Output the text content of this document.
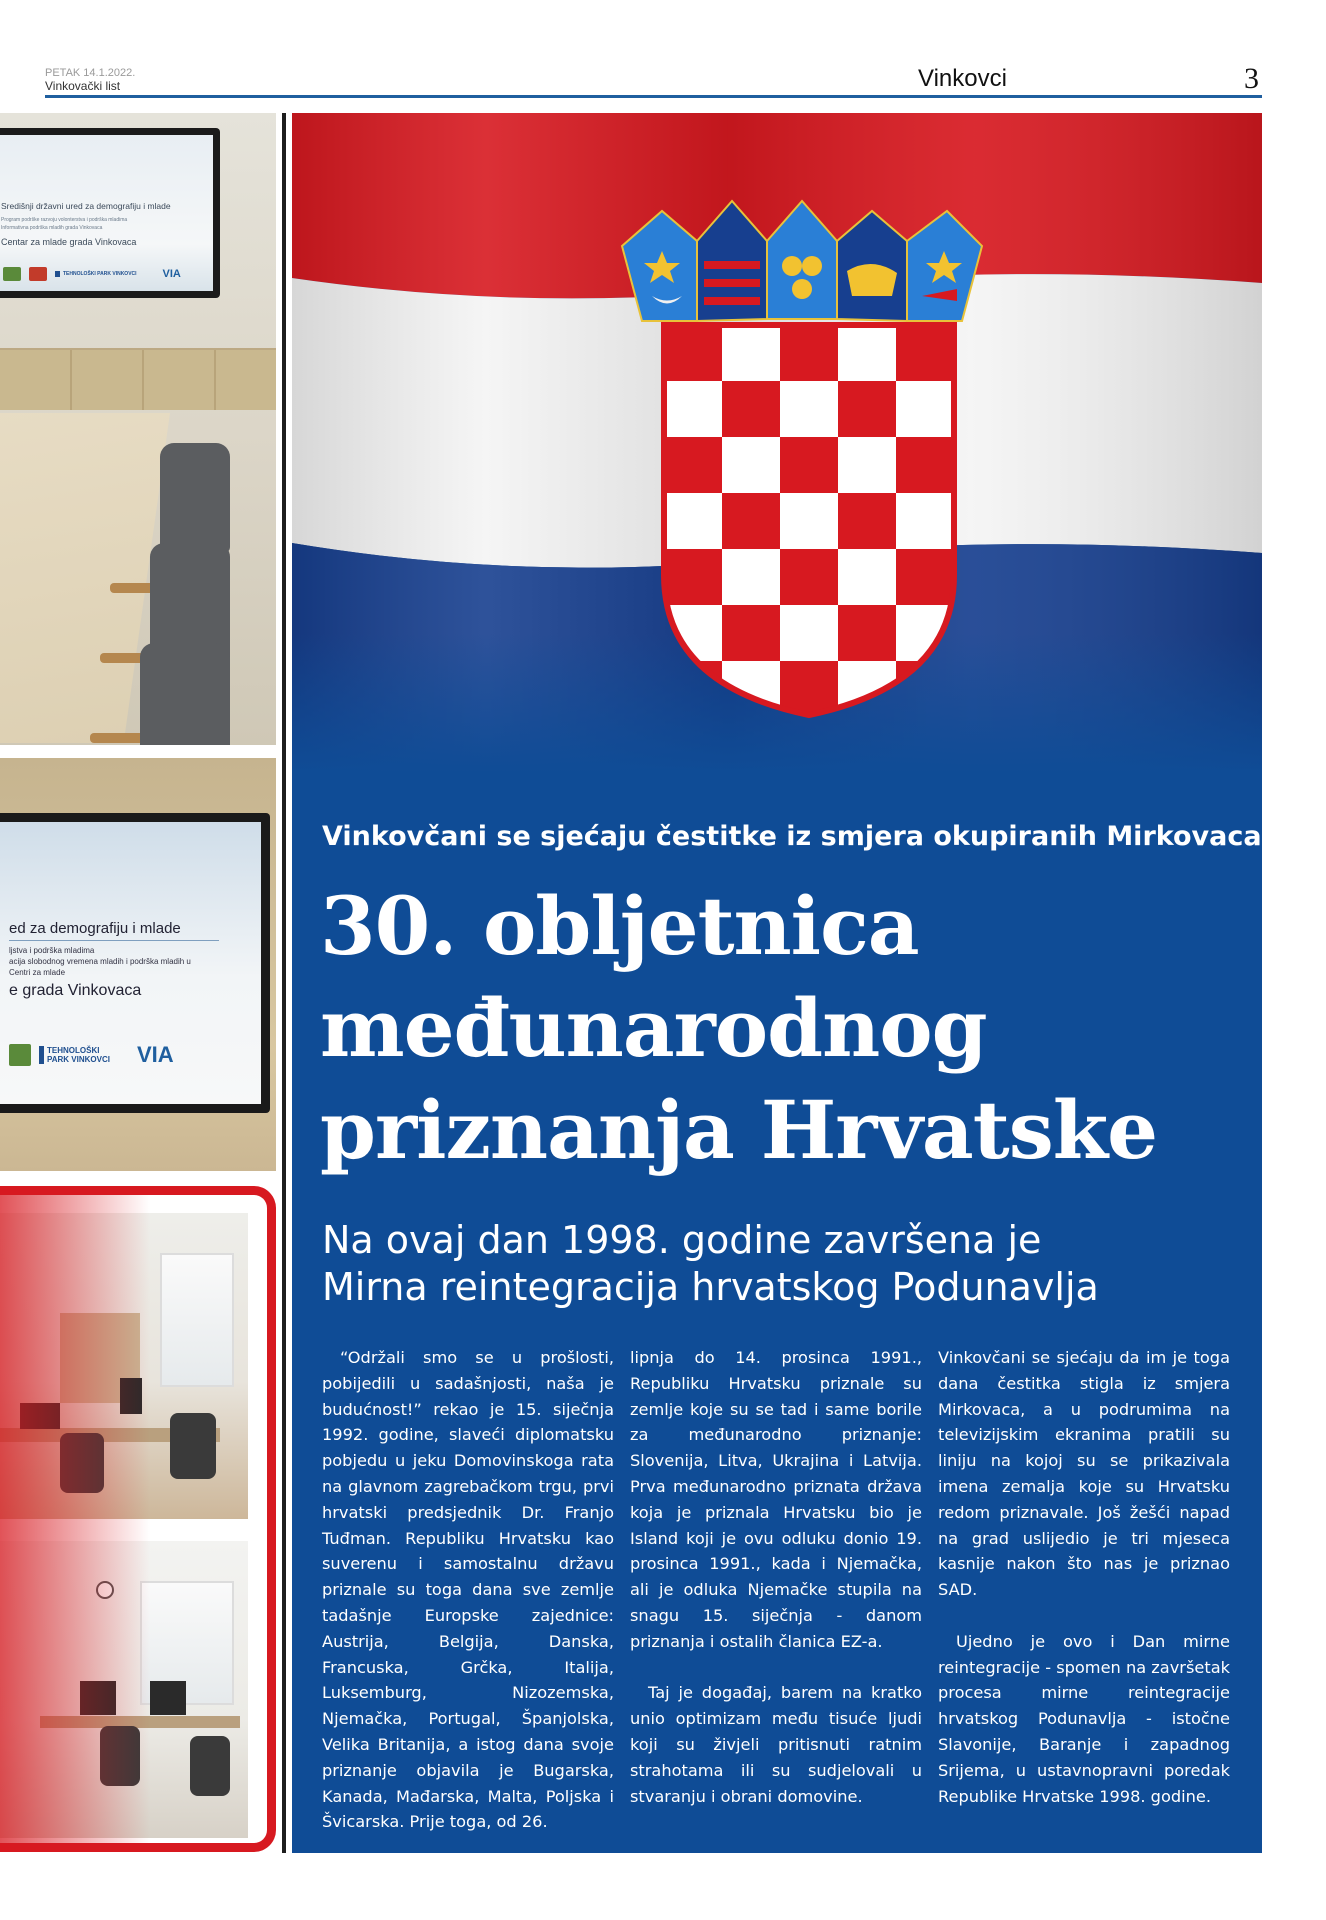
PETAK 14.1.2022.
Vinkovački list	Vinkovci	3
Središnji državni ured za demografiju i mlade
Program podrške razvoju volonterstva i podrška mladima
Informativna podrška mladih grada Vinkovaca
Centar za mlade grada Vinkovaca
TEHNOLOŠKI PARK VINKOVCI VIA
ed za demografiju i mlade
ljstva i podrška mladima
acija slobodnog vremena mladih i podrška mladih u
Centri za mlade
e grada Vinkovaca
TEHNOLOŠKI PARK VINKOVCI	VIA
Vinkovčani se sjećaju čestitke iz smjera okupiranih Mirkovaca
30. obljetnica
međunarodnog
priznanja Hrvatske
Na ovaj dan 1998. godine završena je
Mirna reintegracija hrvatskog Podunavlja

“Održali smo se u prošlosti, pobijedili u sadašnjosti, naša je budućnost!” rekao je 15. siječnja 1992. godine, slaveći diplomatsku pobjedu u jeku Domovinskoga rata na glavnom zagrebačkom trgu, prvi hrvatski predsjednik Dr. Franjo Tuđman. Republiku Hrvatsku kao suverenu i samostalnu državu priznale su toga dana sve zemlje tadašnje Europske zajednice: Austrija, Belgija, Danska, Francuska, Grčka, Italija, Luksemburg, Nizozemska, Njemačka, Portugal, Španjolska, Velika Britanija, a istog dana svoje priznanje objavila je Bugarska, Kanada, Mađarska, Malta, Poljska i Švicarska. Prije toga, od 26.

lipnja do 14. prosinca 1991., Republiku Hrvatsku priznale su zemlje koje su se tad i same borile za međunarodno priznanje: Slovenija, Litva, Ukrajina i Latvija. Prva međunarodno priznata država koja je priznala Hrvatsku bio je Island koji je ovu odluku donio 19. prosinca 1991., kada i Njemačka, ali je odluka Njemačke stupila na snagu 15. siječnja - danom priznanja i ostalih članica EZ-a.

Taj je događaj, barem na kratko unio optimizam među tisuće ljudi koji su živjeli pritisnuti ratnim strahotama ili su sudjelovali u stvaranju i obrani domovine.

Vinkovčani se sjećaju da im je toga dana čestitka stigla iz smjera Mirkovaca, a u podrumima na televizijskim ekranima pratili su liniju na kojoj su se prikazivala imena zemalja koje su Hrvatsku redom priznavale. Još žešći napad na grad uslijedio je tri mjeseca kasnije nakon što nas je priznao SAD.

Ujedno je ovo i Dan mirne reintegracije - spomen na završetak procesa mirne reintegracije hrvatskog Podunavlja - istočne Slavonije, Baranje i zapadnog Srijema, u ustavnopravni poredak Republike Hrvatske 1998. godine.
